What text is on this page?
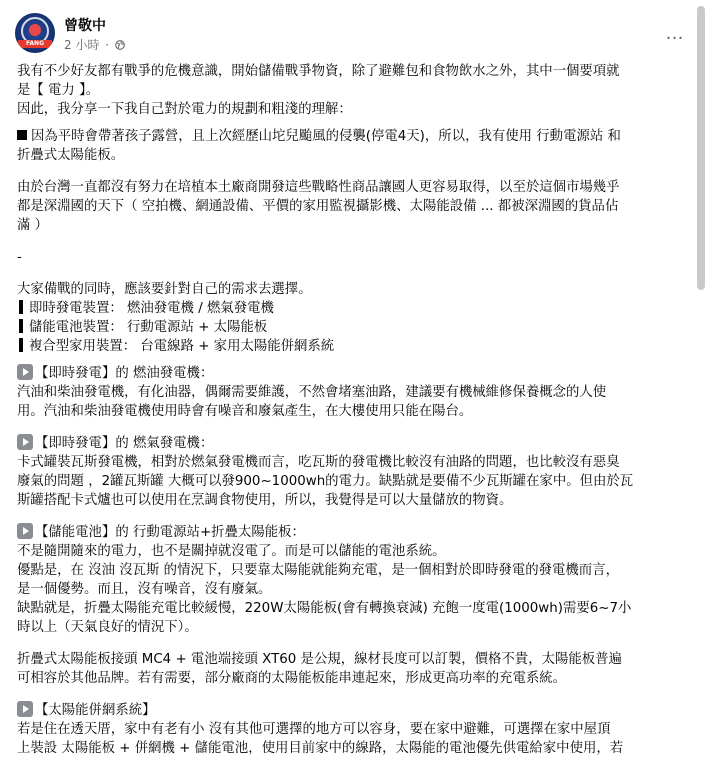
FANG
曾敬中
2 小時 ·
…
我有不少好友都有戰爭的危機意識，開始儲備戰爭物資，除了避難包和食物飲水之外，其中一個要項就
是【 電力 】。
因此，我分享一下我自己對於電力的規劃和粗淺的理解：
因為平時會帶著孩子露營，且上次經歷山坨兒颱風的侵襲(停電4天)，所以，我有使用 行動電源站 和
折疊式太陽能板。
由於台灣一直都沒有努力在培植本土廠商開發這些戰略性商品讓國人更容易取得，以至於這個市場幾乎
都是深淵國的天下（ 空拍機、網通設備、平價的家用監視攝影機、太陽能設備 ... 都被深淵國的貨品佔
滿 ）
-
大家備戰的同時，應該要針對自己的需求去選擇。
即時發電裝置： 燃油發電機 / 燃氣發電機
儲能電池裝置： 行動電源站 + 太陽能板
複合型家用裝置： 台電線路 + 家用太陽能併網系統
【即時發電】的 燃油發電機：
汽油和柴油發電機，有化油器，偶爾需要維護，不然會堵塞油路，建議要有機械維修保養概念的人使
用。汽油和柴油發電機使用時會有噪音和廢氣產生，在大樓使用只能在陽台。
【即時發電】的 燃氣發電機：
卡式罐裝瓦斯發電機，相對於燃氣發電機而言，吃瓦斯的發電機比較沒有油路的問題，也比較沒有惡臭
廢氣的問題 ，2罐瓦斯罐 大概可以發900~1000wh的電力。缺點就是要備不少瓦斯罐在家中。但由於瓦
斯罐搭配卡式爐也可以使用在烹調食物使用，所以，我覺得是可以大量儲放的物資。
【儲能電池】的 行動電源站+折疊太陽能板：
不是隨開隨來的電力，也不是關掉就沒電了。而是可以儲能的電池系統。
優點是，在 沒油 沒瓦斯 的情況下，只要靠太陽能就能夠充電，是一個相對於即時發電的發電機而言，
是一個優勢。而且，沒有噪音，沒有廢氣。
缺點就是，折疊太陽能充電比較緩慢，220W太陽能板(會有轉換衰減) 充飽一度電(1000wh)需要6~7小
時以上（天氣良好的情況下）。
折疊式太陽能板接頭 MC4 + 電池端接頭 XT60 是公規，線材長度可以訂製，價格不貴，太陽能板普遍
可相容於其他品牌。若有需要，部分廠商的太陽能板能串連起來，形成更高功率的充電系統。
【太陽能併網系統】
若是住在透天厝，家中有老有小 沒有其他可選擇的地方可以容身，要在家中避難，可選擇在家中屋頂
上裝設 太陽能板 + 併網機 + 儲能電池，使用目前家中的線路，太陽能的電池優先供電給家中使用，若
